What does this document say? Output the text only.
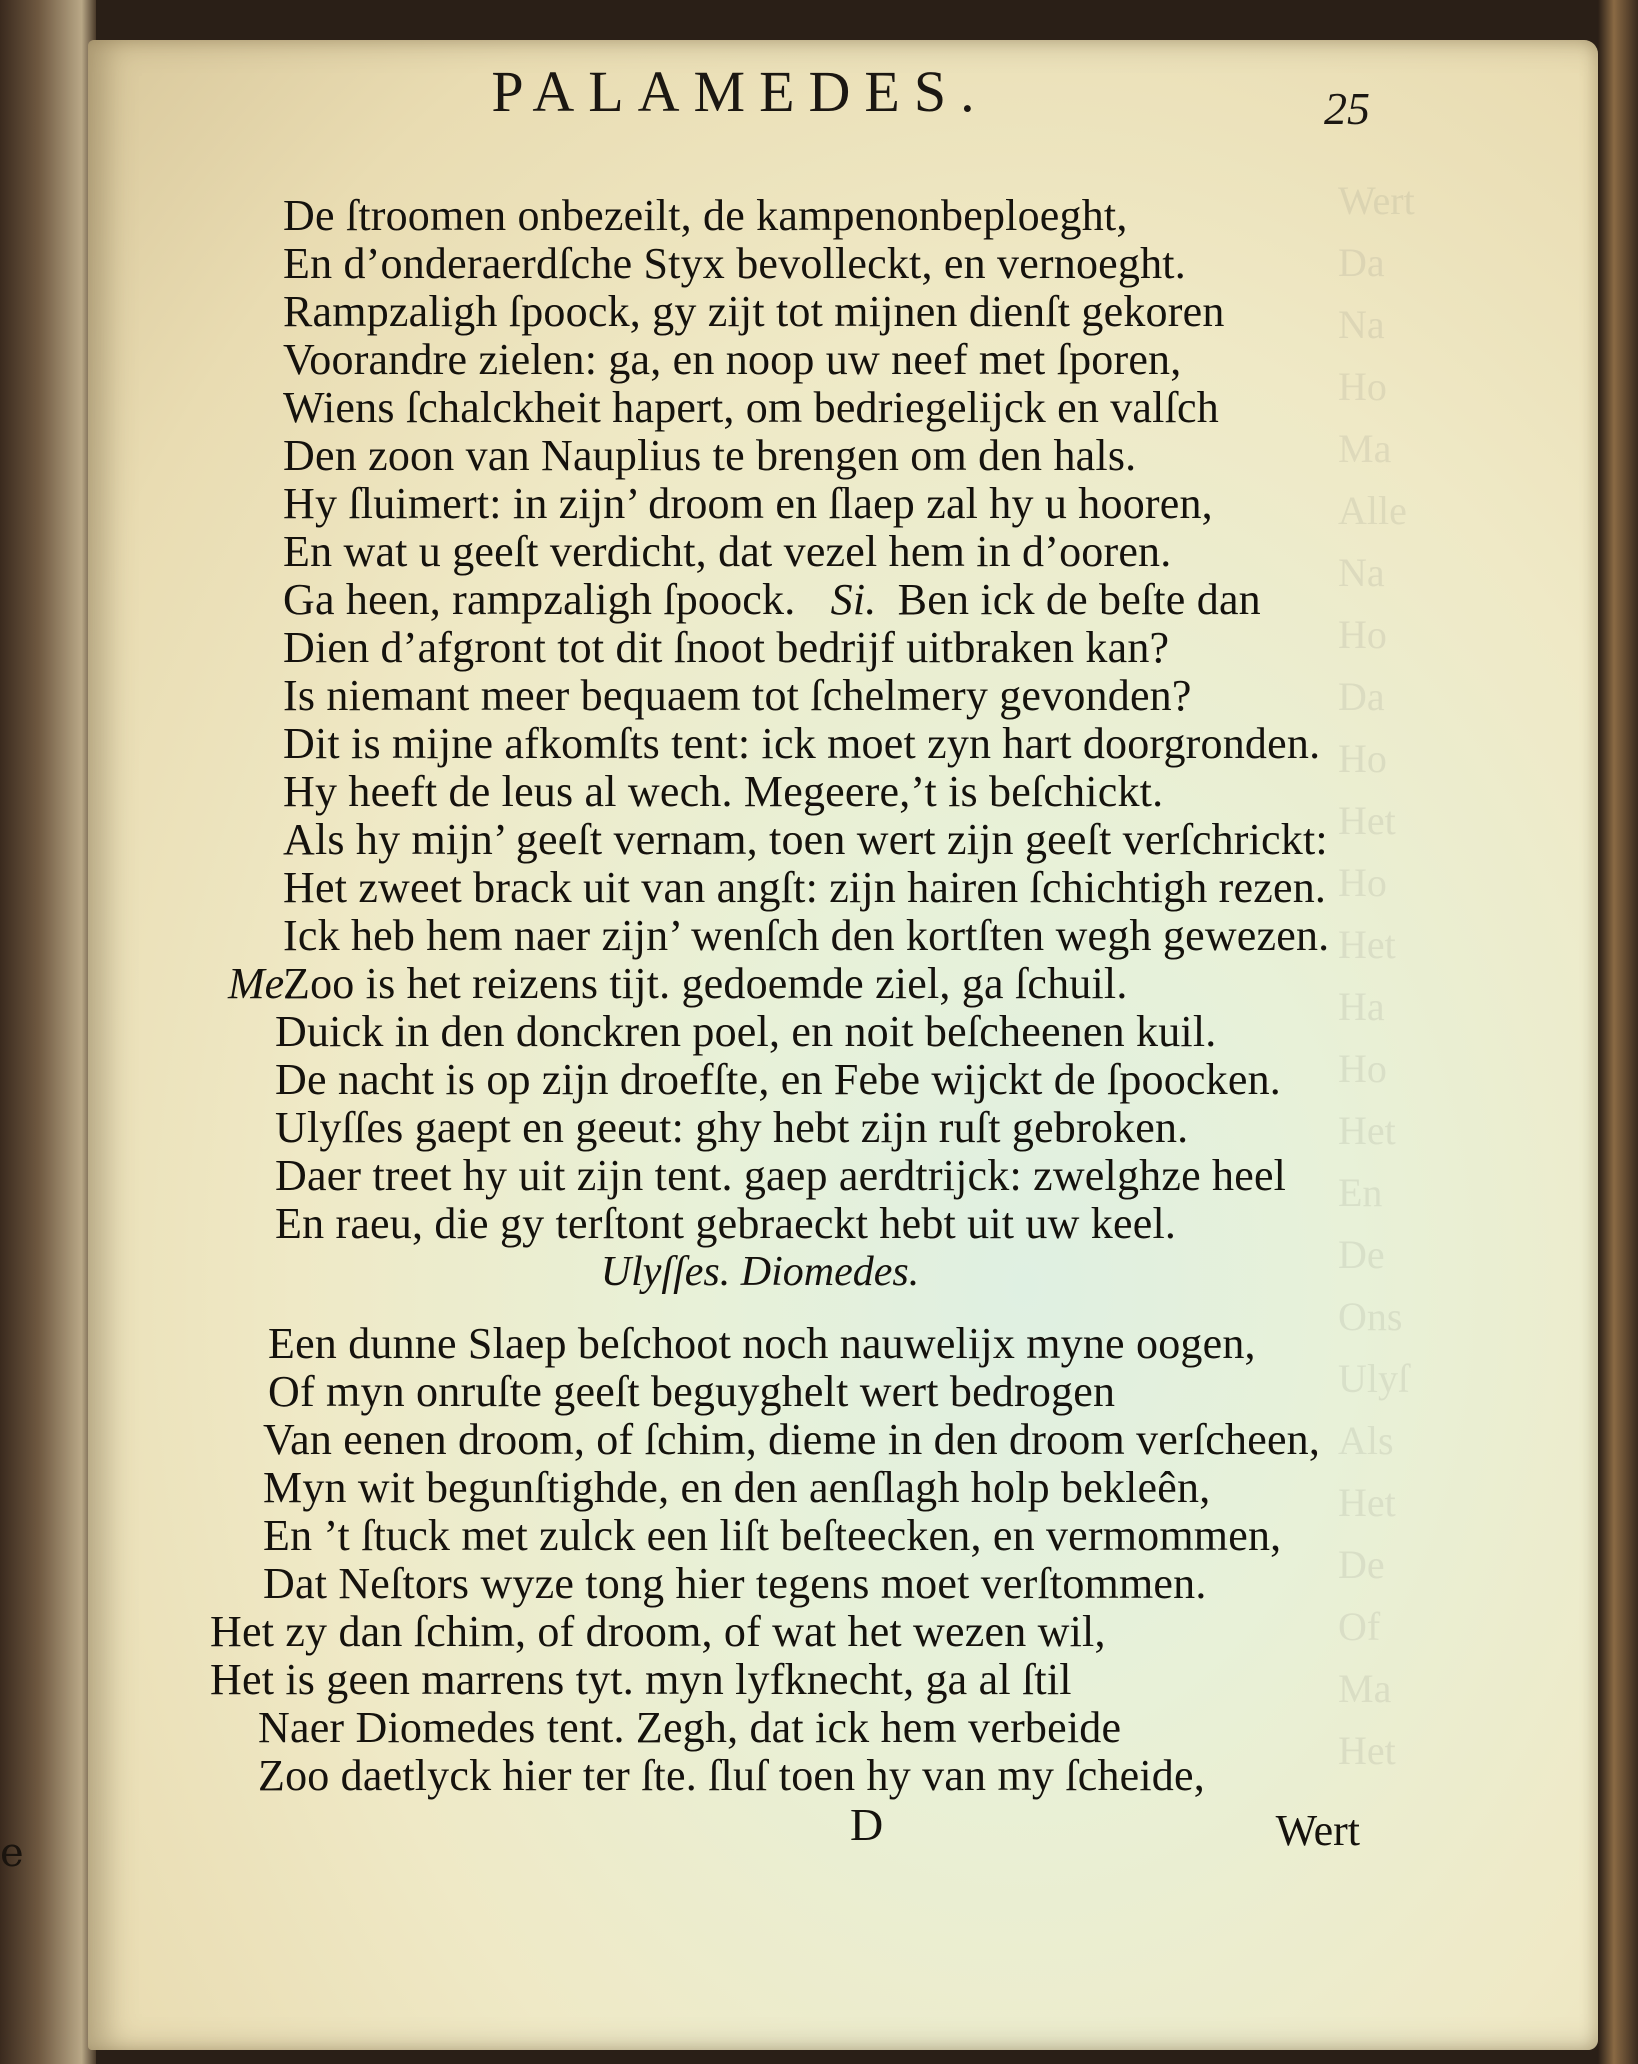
e
Wert
Da
Na
Ho
Ma
Alle
Na
Ho
Da
Ho
Het
Ho
Het
Ha
Ho
Het
En
De
Ons
Ulyſ
Als
Het
De
Of
Ma
Het
PALAMEDES.	25
De ſtroomen onbezeilt, de kampenonbeploeght,
En d’onderaerdſche Styx bevolleckt, en vernoeght.
Rampzaligh ſpoock, gy zijt tot mijnen dienſt gekoren
Voorandre zielen: ga, en noop uw neef met ſporen,
Wiens ſchalckheit hapert, om bedriegelijck en valſch
Den zoon van Nauplius te brengen om den hals.
Hy ſluimert: in zijn’ droom en ſlaep zal hy u hooren,
En wat u geeſt verdicht, dat vezel hem in d’ooren.
Ga heen, rampzaligh ſpoock. Si. Ben ick de beſte dan
Dien d’afgront tot dit ſnoot bedrijf uitbraken kan?
Is niemant meer bequaem tot ſchelmery gevonden?
Dit is mijne afkomſts tent: ick moet zyn hart doorgronden.
Hy heeft de leus al wech. Megeere,’t is beſchickt.
Als hy mijn’ geeſt vernam, toen wert zijn geeſt verſchrickt:
Het zweet brack uit van angſt: zijn hairen ſchichtigh rezen.
Ick heb hem naer zijn’ wenſch den kortſten wegh gewezen.
Me.
Zoo is het reizens tijt. gedoemde ziel, ga ſchuil.
Duick in den donckren poel, en noit beſcheenen kuil.
De nacht is op zijn droefſte, en Febe wijckt de ſpoocken.
Ulyſſes gaept en geeut: ghy hebt zijn ruſt gebroken.
Daer treet hy uit zijn tent. gaep aerdtrijck: zwelghze heel
En raeu, die gy terſtont gebraeckt hebt uit uw keel.
Ulyſſes. Diomedes.
Een dunne Slaep beſchoot noch nauwelijx myne oogen,
Of myn onruſte geeſt beguyghelt wert bedrogen
Van eenen droom, of ſchim, dieme in den droom verſcheen,
Myn wit begunſtighde, en den aenſlagh holp bekleên,
En ’t ſtuck met zulck een liſt beſteecken, en vermommen,
Dat Neſtors wyze tong hier tegens moet verſtommen.
Het zy dan ſchim, of droom, of wat het wezen wil,
Het is geen marrens tyt. myn lyfknecht, ga al ſtil
Naer Diomedes tent. Zegh, dat ick hem verbeide
Zoo daetlyck hier ter ſte. ſluſ toen hy van my ſcheide,
D	Wert
